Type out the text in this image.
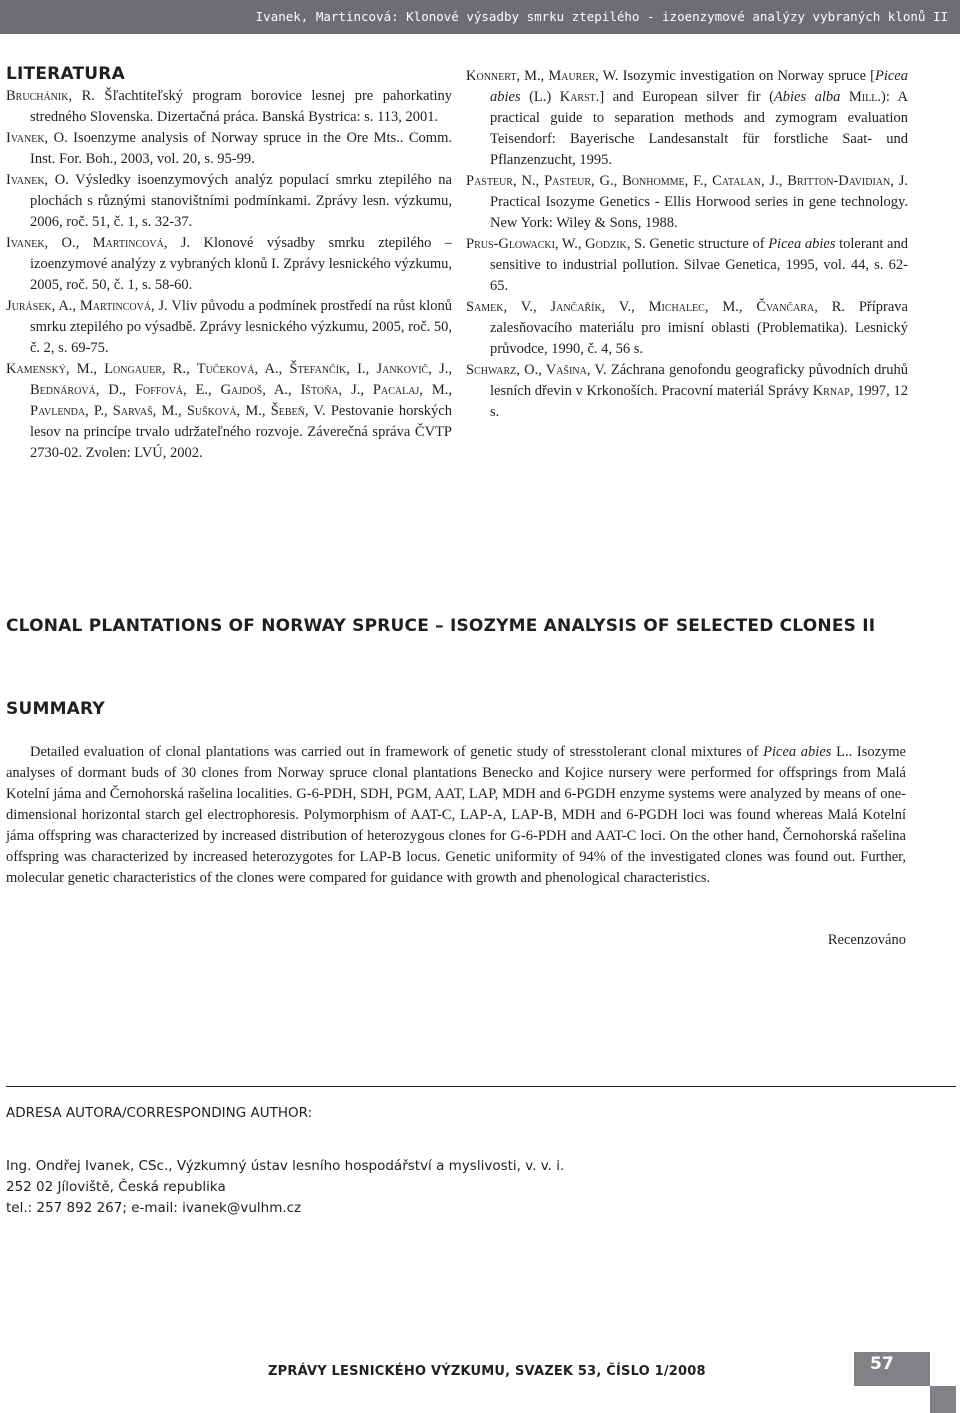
Ivanek, Martincová: Klonové výsadby smrku ztepilého - izoenzymové analýzy vybraných klonů II
LITERATURA

Bruchánik, R. Šľachtiteľský program borovice lesnej pre pahorkatiny stredného Slovenska. Dizertačná práca. Banská Bystrica: s. 113, 2001.

Ivanek, O. Isoenzyme analysis of Norway spruce in the Ore Mts.. Comm. Inst. For. Boh., 2003, vol. 20, s. 95-99.

Ivanek, O. Výsledky isoenzymových analýz populací smrku ztepilého na plochách s různými stanovištními podmínkami. Zprávy lesn. výzkumu, 2006, roč. 51, č. 1, s. 32-37.

Ivanek, O., Martincová, J. Klonové výsadby smrku ztepilého – izoenzymové analýzy z vybraných klonů I. Zprávy lesnického výzkumu, 2005, roč. 50, č. 1, s. 58-60.

Jurásek, A., Martincová, J. Vliv původu a podmínek prostředí na růst klonů smrku ztepilého po výsadbě. Zprávy lesnického výzkumu, 2005, roč. 50, č. 2, s. 69-75.

Kamenský, M., Longauer, R., Tučeková, A., Štefančík, I., Jankovič, J., Bednárová, D., Foffová, E., Gajdoš, A., Ištoňa, J., Pacalaj, M., Pavlenda, P., Sarvaš, M., Sušková, M., Šebeň, V. Pestovanie horských lesov na princípe trvalo udržateľného rozvoje. Záverečná správa ČVTP 2730-02. Zvolen: LVÚ, 2002.

Konnert, M., Maurer, W. Isozymic investigation on Norway spruce [Picea abies (L.) Karst.] and European silver fir (Abies alba Mill.): A practical guide to separation methods and zymogram evaluation Teisendorf: Bayerische Landesanstalt für forstliche Saat- und Pflanzenzucht, 1995.

Pasteur, N., Pasteur, G., Bonhomme, F., Catalan, J., Britton-Davidian, J. Practical Isozyme Genetics - Ellis Horwood series in gene technology. New York: Wiley & Sons, 1988.

Prus-Glowacki, W., Godzik, S. Genetic structure of Picea abies tolerant and sensitive to industrial pollution. Silvae Genetica, 1995, vol. 44, s. 62-65.

Samek, V., Jančařík, V., Michalec, M., Čvančara, R. Příprava zalesňovacího materiálu pro imisní oblasti (Problematika). Lesnický průvodce, 1990, č. 4, 56 s.

Schwarz, O., Vašina, V. Záchrana genofondu geograficky původních druhů lesních dřevin v Krkonoších. Pracovní materiál Správy Krnap, 1997, 12 s.

CLONAL PLANTATIONS OF NORWAY SPRUCE – ISOZYME ANALYSIS OF SELECTED CLONES II
SUMMARY

Detailed evaluation of clonal plantations was carried out in framework of genetic study of stresstolerant clonal mixtures of Picea abies L.. Isozyme analyses of dormant buds of 30 clones from Norway spruce clonal plantations Benecko and Kojice nursery were performed for offsprings from Malá Kotelní jáma and Černohorská rašelina localities. G-6-PDH, SDH, PGM, AAT, LAP, MDH and 6-PGDH enzyme systems were analyzed by means of one-dimensional horizontal starch gel electrophoresis. Polymorphism of AAT-C, LAP-A, LAP-B, MDH and 6-PGDH loci was found whereas Malá Kotelní jáma offspring was characterized by increased distribution of heterozygous clones for G-6-PDH and AAT-C loci. On the other hand, Černohorská rašelina offspring was characterized by increased heterozygotes for LAP-B locus. Genetic uniformity of 94% of the investigated clones was found out. Further, molecular genetic characteristics of the clones were compared for guidance with growth and phenological characteristics.

Recenzováno
ADRESA AUTORA/CORRESPONDING AUTHOR:
Ing. Ondřej Ivanek, CSc., Výzkumný ústav lesního hospodářství a myslivosti, v. v. i.
252 02 Jíloviště, Česká republika
tel.: 257 892 267; e-mail: ivanek@vulhm.cz
ZPRÁVY LESNICKÉHO VÝZKUMU, SVAZEK 53, ČÍSLO 1/2008	57
